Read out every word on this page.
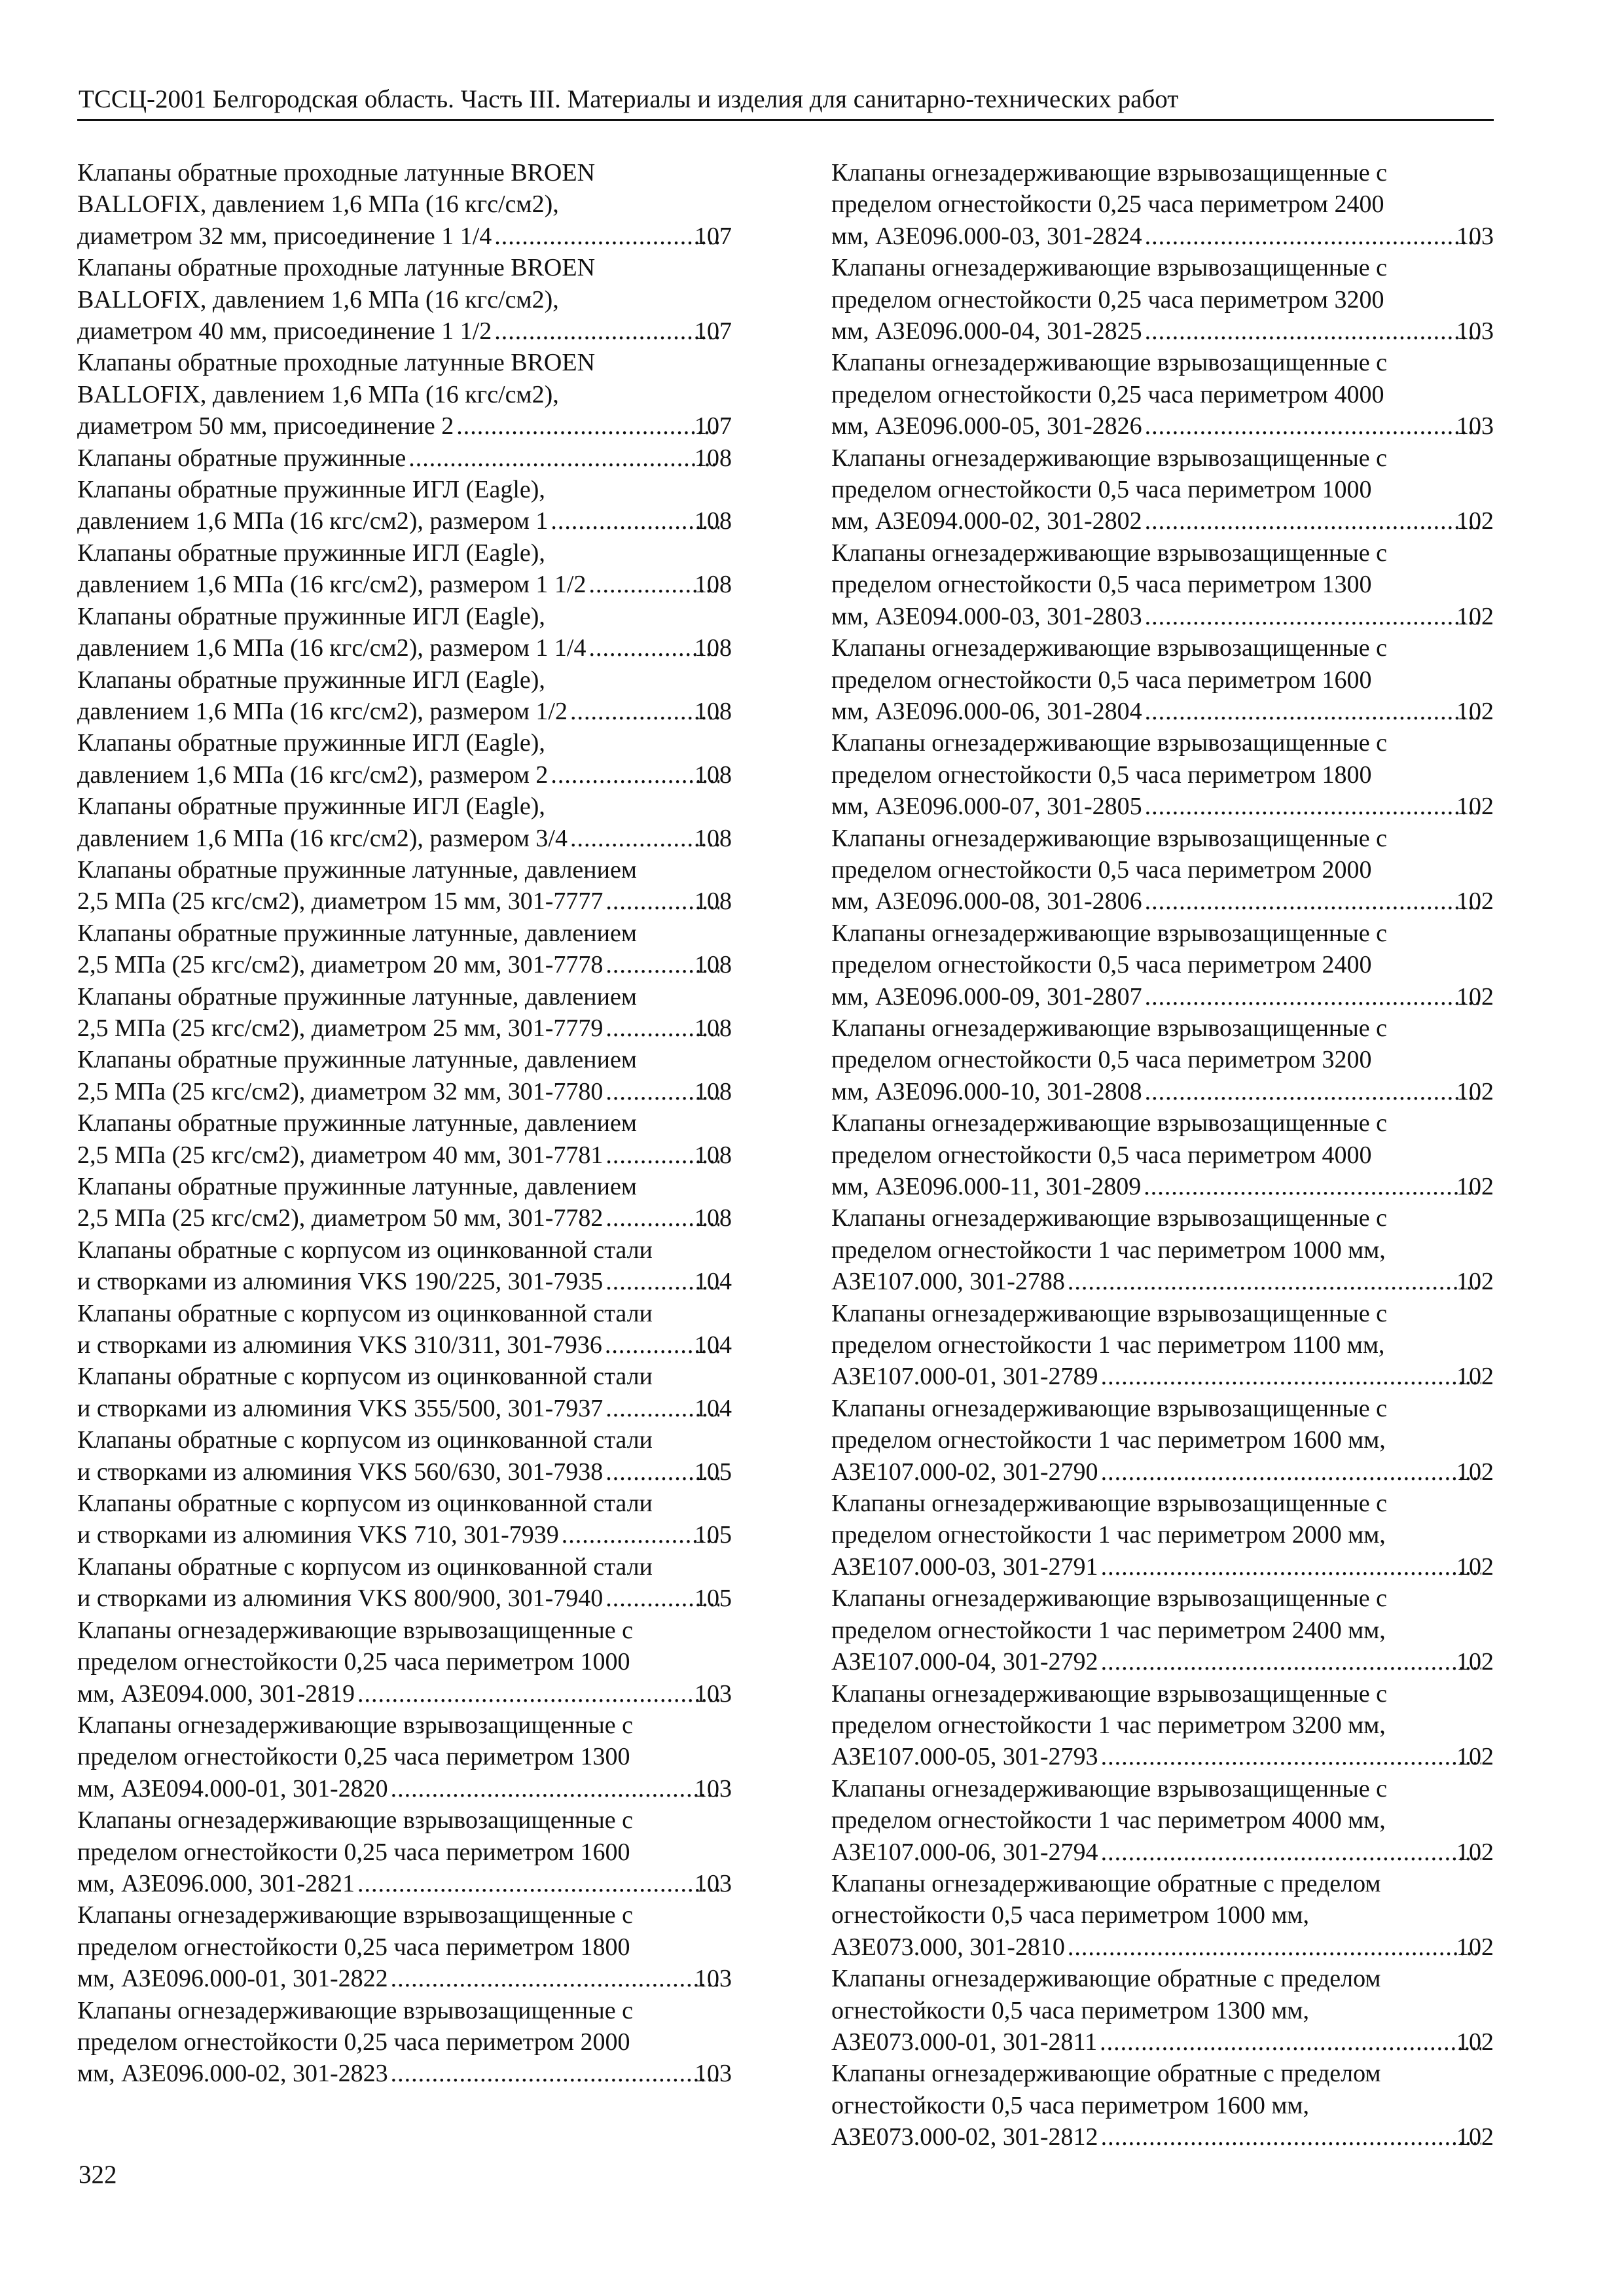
ТССЦ-2001 Белгородская область. Часть III. Материалы и изделия для санитарно-технических работ
Клапаны обратные проходные латунные BROEN
BALLOFIX, давлением 1,6 МПа (16 кгс/см2),
диаметром 32 мм, присоединение 1 1/4 .....	107
Клапаны обратные проходные латунные BROEN
BALLOFIX, давлением 1,6 МПа (16 кгс/см2),
диаметром 40 мм, присоединение 1 1/2 .....	107
Клапаны обратные проходные латунные BROEN
BALLOFIX, давлением 1,6 МПа (16 кгс/см2),
диаметром 50 мм, присоединение 2 .....	107
Клапаны обратные пружинные .....	108
Клапаны обратные пружинные ИГЛ (Eagle),
давлением 1,6 МПа (16 кгс/см2), размером 1 .....	108
Клапаны обратные пружинные ИГЛ (Eagle),
давлением 1,6 МПа (16 кгс/см2), размером 1 1/2 .....	108
Клапаны обратные пружинные ИГЛ (Eagle),
давлением 1,6 МПа (16 кгс/см2), размером 1 1/4 .....	108
Клапаны обратные пружинные ИГЛ (Eagle),
давлением 1,6 МПа (16 кгс/см2), размером 1/2 .....	108
Клапаны обратные пружинные ИГЛ (Eagle),
давлением 1,6 МПа (16 кгс/см2), размером 2 .....	108
Клапаны обратные пружинные ИГЛ (Eagle),
давлением 1,6 МПа (16 кгс/см2), размером 3/4 .....	108
Клапаны обратные пружинные латунные, давлением
2,5 МПа (25 кгс/см2), диаметром 15 мм, 301-7777 .....	108
Клапаны обратные пружинные латунные, давлением
2,5 МПа (25 кгс/см2), диаметром 20 мм, 301-7778 .....	108
Клапаны обратные пружинные латунные, давлением
2,5 МПа (25 кгс/см2), диаметром 25 мм, 301-7779 .....	108
Клапаны обратные пружинные латунные, давлением
2,5 МПа (25 кгс/см2), диаметром 32 мм, 301-7780 .....	108
Клапаны обратные пружинные латунные, давлением
2,5 МПа (25 кгс/см2), диаметром 40 мм, 301-7781 .....	108
Клапаны обратные пружинные латунные, давлением
2,5 МПа (25 кгс/см2), диаметром 50 мм, 301-7782 .....	108
Клапаны обратные с корпусом из оцинкованной стали
и створками из алюминия VKS 190/225, 301-7935 .....	104
Клапаны обратные с корпусом из оцинкованной стали
и створками из алюминия VKS 310/311, 301-7936 .....	104
Клапаны обратные с корпусом из оцинкованной стали
и створками из алюминия VKS 355/500, 301-7937 .....	104
Клапаны обратные с корпусом из оцинкованной стали
и створками из алюминия VKS 560/630, 301-7938 .....	105
Клапаны обратные с корпусом из оцинкованной стали
и створками из алюминия VKS 710, 301-7939 .....	105
Клапаны обратные с корпусом из оцинкованной стали
и створками из алюминия VKS 800/900, 301-7940 .....	105
Клапаны огнезадерживающие взрывозащищенные с
пределом огнестойкости 0,25 часа периметром 1000
мм, АЗЕ094.000, 301-2819 .....	103
Клапаны огнезадерживающие взрывозащищенные с
пределом огнестойкости 0,25 часа периметром 1300
мм, АЗЕ094.000-01, 301-2820 .....	103
Клапаны огнезадерживающие взрывозащищенные с
пределом огнестойкости 0,25 часа периметром 1600
мм, АЗЕ096.000, 301-2821 .....	103
Клапаны огнезадерживающие взрывозащищенные с
пределом огнестойкости 0,25 часа периметром 1800
мм, АЗЕ096.000-01, 301-2822 .....	103
Клапаны огнезадерживающие взрывозащищенные с
пределом огнестойкости 0,25 часа периметром 2000
мм, АЗЕ096.000-02, 301-2823 .....	103
Клапаны огнезадерживающие взрывозащищенные с
пределом огнестойкости 0,25 часа периметром 2400
мм, АЗЕ096.000-03, 301-2824 .....	103
Клапаны огнезадерживающие взрывозащищенные с
пределом огнестойкости 0,25 часа периметром 3200
мм, АЗЕ096.000-04, 301-2825 .....	103
Клапаны огнезадерживающие взрывозащищенные с
пределом огнестойкости 0,25 часа периметром 4000
мм, АЗЕ096.000-05, 301-2826 .....	103
Клапаны огнезадерживающие взрывозащищенные с
пределом огнестойкости 0,5 часа периметром 1000
мм, АЗЕ094.000-02, 301-2802 .....	102
Клапаны огнезадерживающие взрывозащищенные с
пределом огнестойкости 0,5 часа периметром 1300
мм, АЗЕ094.000-03, 301-2803 .....	102
Клапаны огнезадерживающие взрывозащищенные с
пределом огнестойкости 0,5 часа периметром 1600
мм, АЗЕ096.000-06, 301-2804 .....	102
Клапаны огнезадерживающие взрывозащищенные с
пределом огнестойкости 0,5 часа периметром 1800
мм, АЗЕ096.000-07, 301-2805 .....	102
Клапаны огнезадерживающие взрывозащищенные с
пределом огнестойкости 0,5 часа периметром 2000
мм, АЗЕ096.000-08, 301-2806 .....	102
Клапаны огнезадерживающие взрывозащищенные с
пределом огнестойкости 0,5 часа периметром 2400
мм, АЗЕ096.000-09, 301-2807 .....	102
Клапаны огнезадерживающие взрывозащищенные с
пределом огнестойкости 0,5 часа периметром 3200
мм, АЗЕ096.000-10, 301-2808 .....	102
Клапаны огнезадерживающие взрывозащищенные с
пределом огнестойкости 0,5 часа периметром 4000
мм, АЗЕ096.000-11, 301-2809 .....	102
Клапаны огнезадерживающие взрывозащищенные с
пределом огнестойкости 1 час периметром 1000 мм,
АЗЕ107.000, 301-2788 .....	102
Клапаны огнезадерживающие взрывозащищенные с
пределом огнестойкости 1 час периметром 1100 мм,
АЗЕ107.000-01, 301-2789 .....	102
Клапаны огнезадерживающие взрывозащищенные с
пределом огнестойкости 1 час периметром 1600 мм,
АЗЕ107.000-02, 301-2790 .....	102
Клапаны огнезадерживающие взрывозащищенные с
пределом огнестойкости 1 час периметром 2000 мм,
АЗЕ107.000-03, 301-2791 .....	102
Клапаны огнезадерживающие взрывозащищенные с
пределом огнестойкости 1 час периметром 2400 мм,
АЗЕ107.000-04, 301-2792 .....	102
Клапаны огнезадерживающие взрывозащищенные с
пределом огнестойкости 1 час периметром 3200 мм,
АЗЕ107.000-05, 301-2793 .....	102
Клапаны огнезадерживающие взрывозащищенные с
пределом огнестойкости 1 час периметром 4000 мм,
АЗЕ107.000-06, 301-2794 .....	102
Клапаны огнезадерживающие обратные с пределом
огнестойкости 0,5 часа периметром 1000 мм,
АЗЕ073.000, 301-2810 .....	102
Клапаны огнезадерживающие обратные с пределом
огнестойкости 0,5 часа периметром 1300 мм,
АЗЕ073.000-01, 301-2811 .....	102
Клапаны огнезадерживающие обратные с пределом
огнестойкости 0,5 часа периметром 1600 мм,
АЗЕ073.000-02, 301-2812 .....	102
322
